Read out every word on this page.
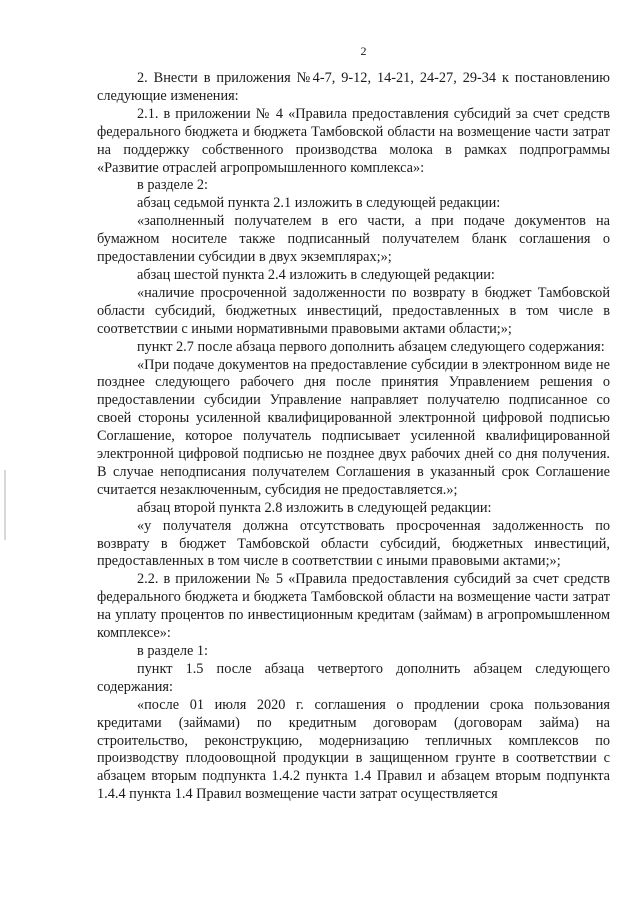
2

2. Внести в приложения №4-7, 9-12, 14-21, 24-27, 29-34 к постановлению следующие изменения:

2.1. в приложении № 4 «Правила предоставления субсидий за счет средств федерального бюджета и бюджета Тамбовской области на возмещение части затрат на поддержку собственного производства молока в рамках подпрограммы «Развитие отраслей агропромышленного комплекса»:

в разделе 2:

абзац седьмой пункта 2.1 изложить в следующей редакции:

«заполненный получателем в его части, а при подаче документов на бумажном носителе также подписанный получателем бланк соглашения о предоставлении субсидии в двух экземплярах;»;

абзац шестой пункта 2.4 изложить в следующей редакции:

«наличие просроченной задолженности по возврату в бюджет Тамбовской области субсидий, бюджетных инвестиций, предоставленных в том числе в соответствии с иными нормативными правовыми актами области;»;

пункт 2.7 после абзаца первого дополнить абзацем следующего содержания:

«При подаче документов на предоставление субсидии в электронном виде не позднее следующего рабочего дня после принятия Управлением решения о предоставлении субсидии Управление направляет получателю подписанное со своей стороны усиленной квалифицированной электронной цифровой подписью Соглашение, которое получатель подписывает усиленной квалифицированной электронной цифровой подписью не позднее двух рабочих дней со дня получения. В случае неподписания получателем Соглашения в указанный срок Соглашение считается незаключенным, субсидия не предоставляется.»;

абзац второй пункта 2.8 изложить в следующей редакции:

«у получателя должна отсутствовать просроченная задолженность по возврату в бюджет Тамбовской области субсидий, бюджетных инвестиций, предоставленных в том числе в соответствии с иными правовыми актами;»;

2.2. в приложении № 5 «Правила предоставления субсидий за счет средств федерального бюджета и бюджета Тамбовской области на возмещение части затрат на уплату процентов по инвестиционным кредитам (займам) в агропромышленном комплексе»:

в разделе 1:

пункт 1.5 после абзаца четвертого дополнить абзацем следующего содержания:

«после 01 июля 2020 г. соглашения о продлении срока пользования кредитами (займами) по кредитным договорам (договорам займа) на строительство, реконструкцию, модернизацию тепличных комплексов по производству плодоовощной продукции в защищенном грунте в соответствии с абзацем вторым подпункта 1.4.2 пункта 1.4 Правил и абзацем вторым подпункта 1.4.4 пункта 1.4 Правил возмещение части затрат осуществляется
